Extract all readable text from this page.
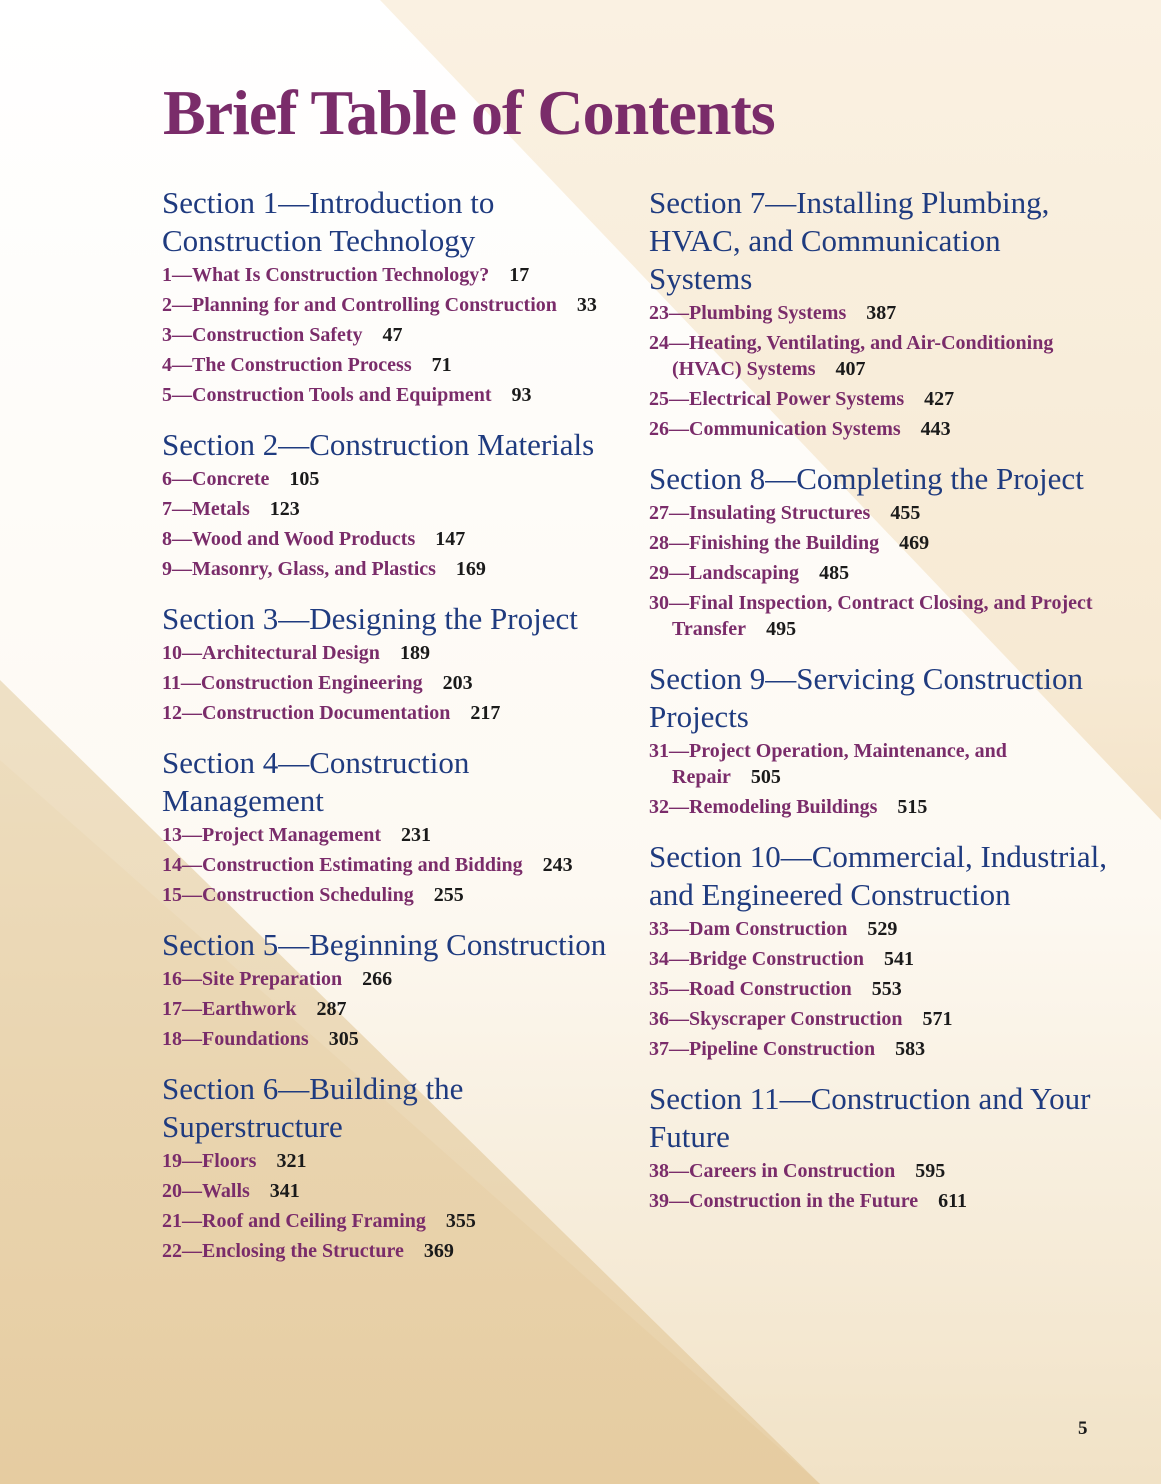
Brief Table of Contents
Section 1—Introduction to Construction Technology
1—What Is Construction Technology? 17
2—Planning for and Controlling Construction 33
3—Construction Safety 47
4—The Construction Process 71
5—Construction Tools and Equipment 93
Section 2—Construction Materials
6—Concrete 105
7—Metals 123
8—Wood and Wood Products 147
9—Masonry, Glass, and Plastics 169
Section 3—Designing the Project
10—Architectural Design 189
11—Construction Engineering 203
12—Construction Documentation 217
Section 4—Construction Management
13—Project Management 231
14—Construction Estimating and Bidding 243
15—Construction Scheduling 255
Section 5—Beginning Construction
16—Site Preparation 266
17—Earthwork 287
18—Foundations 305
Section 6—Building the Superstructure
19—Floors 321
20—Walls 341
21—Roof and Ceiling Framing 355
22—Enclosing the Structure 369
Section 7—Installing Plumbing, HVAC, and Communication Systems
23—Plumbing Systems 387
24—Heating, Ventilating, and Air-Conditioning (HVAC) Systems 407
25—Electrical Power Systems 427
26—Communication Systems 443
Section 8—Completing the Project
27—Insulating Structures 455
28—Finishing the Building 469
29—Landscaping 485
30—Final Inspection, Contract Closing, and Project Transfer 495
Section 9—Servicing Construction Projects
31—Project Operation, Maintenance, and Repair 505
32—Remodeling Buildings 515
Section 10—Commercial, Industrial, and Engineered Construction
33—Dam Construction 529
34—Bridge Construction 541
35—Road Construction 553
36—Skyscraper Construction 571
37—Pipeline Construction 583
Section 11—Construction and Your Future
38—Careers in Construction 595
39—Construction in the Future 611
5
